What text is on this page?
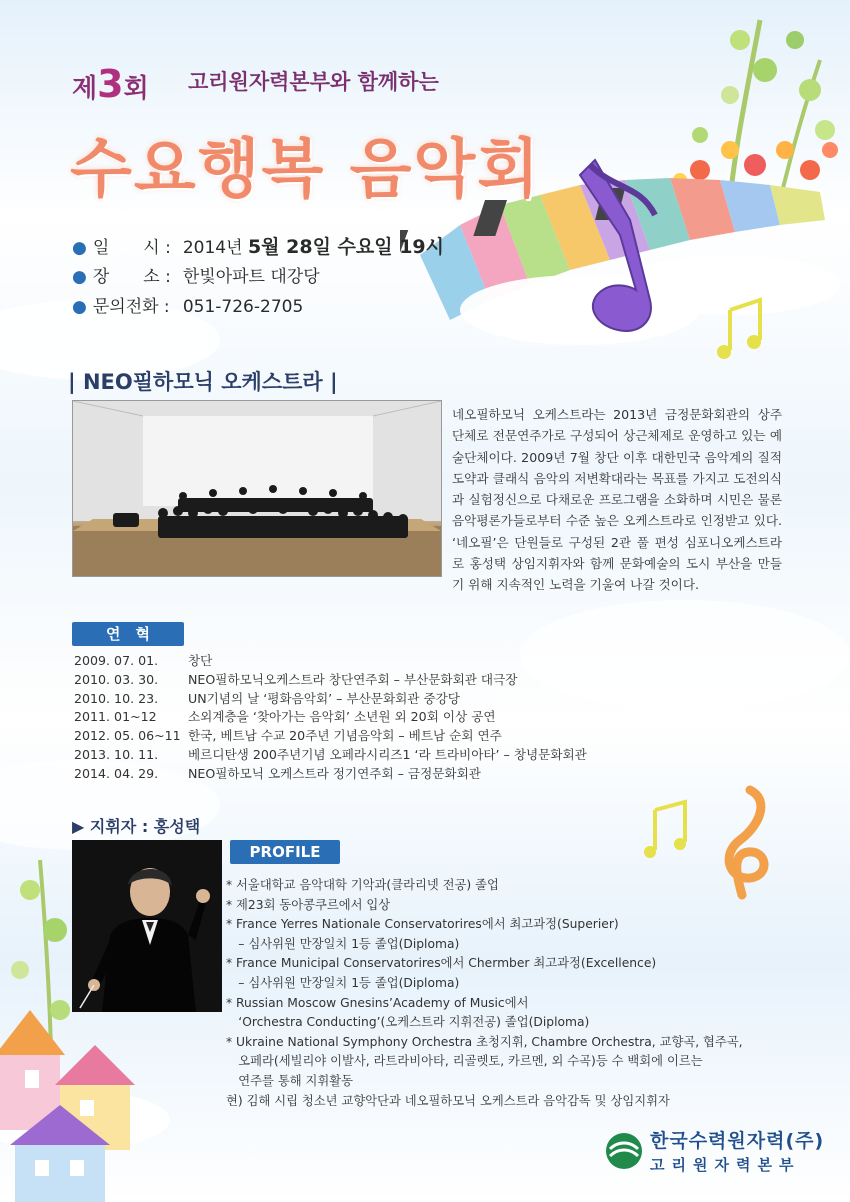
제3회 고리원자력본부와 함께하는
수요행복 음악회
● 일　　시 : 2014년 5월 28일 수요일 19시
● 장　　소 : 한빛아파트 대강당
● 문의전화 : 051-726-2705
| NEO필하모닉 오케스트라 |
네오필하모닉 오케스트라는 2013년 금정문화회관의 상주 단체로 전문연주가로 구성되어 상근체제로 운영하고 있는 예술단체이다. 2009년 7월 창단 이후 대한민국 음악계의 질적 도약과 클래식 음악의 저변확대라는 목표를 가지고 도전의식과 실험정신으로 다채로운 프로그램을 소화하며 시민은 물론 음악평론가들로부터 수준 높은 오케스트라로 인정받고 있다. ‘네오필’은 단원들로 구성된 2관 풀 편성 심포니오케스트라로 홍성택 상임지휘자와 함께 문화예술의 도시 부산을 만들기 위해 지속적인 노력을 기울여 나갈 것이다.
연　혁
2009. 07. 01.	창단
2010. 03. 30.	NEO필하모닉오케스트라 창단연주회 – 부산문화회관 대극장
2010. 10. 23.	UN기념의 날 ‘평화음악회’ – 부산문화회관 중강당
2011. 01~12	소외계층을 ‘찾아가는 음악회’ 소년원 외 20회 이상 공연
2012. 05. 06~11 한국, 베트남 수교 20주년 기념음악회 – 베트남 순회 연주
2013. 10. 11.	베르디탄생 200주년기념 오페라시리즈1 ‘라 트라비아타’ – 창녕문화회관
2014. 04. 29.	NEO필하모닉 오케스트라 정기연주회 – 금정문화회관
▶ 지휘자 : 홍성택
PROFILE
* 서울대학교 음악대학 기악과(클라리넷 전공) 졸업
* 제23회 동아콩쿠르에서 입상
* France Yerres Nationale Conservatorires에서 최고과정(Superier)
　– 심사위원 만장일치 1등 졸업(Diploma)
* France Municipal Conservatorires에서 Chermber 최고과정(Excellence)
　– 심사위원 만장일치 1등 졸업(Diploma)
* Russian Moscow Gnesins’Academy of Music에서
　‘Orchestra Conducting’(오케스트라 지휘전공) 졸업(Diploma)
* Ukraine National Symphony Orchestra 초청지휘, Chambre Orchestra, 교향곡, 협주곡,
　오페라(세빌리야 이발사, 라트라비아타, 리골렛토, 카르멘, 외 수곡)등 수 백회에 이르는
　연주를 통해 지휘활동
현) 김해 시립 청소년 교향악단과 네오필하모닉 오케스트라 음악감독 및 상임지휘자
한국수력원자력(주)
고리원자력본부
